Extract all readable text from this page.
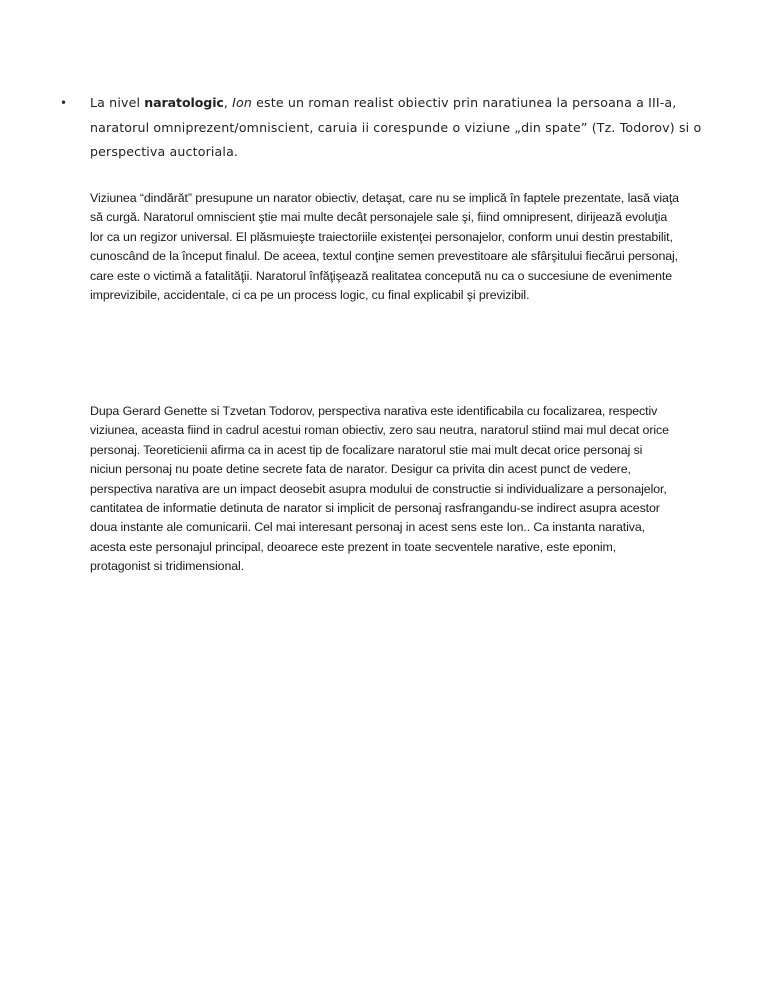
• La nivel naratologic, Ion este un roman realist obiectiv prin naratiunea la persoana a III-a, naratorul omniprezent/omniscient, caruia ii corespunde o viziune „din spate” (Tz. Todorov) si o perspectiva auctoriala.

Viziunea “dindărăt” presupune un narator obiectiv, detaşat, care nu se implică în faptele prezentate, lasă viaţa să curgă. Naratorul omniscient ştie mai multe decât personajele sale şi, fiind omnipresent, dirijează evoluţia lor ca un regizor universal. El plăsmuieşte traiectoriile existenţei personajelor, conform unui destin prestabilit, cunoscând de la început finalul. De aceea, textul conţine semen prevestitoare ale sfârşitului fiecărui personaj, care este o victimă a fatalităţii. Naratorul înfăţişează realitatea concepută nu ca o succesiune de evenimente imprevizibile, accidentale, ci ca pe un process logic, cu final explicabil şi previzibil.

Dupa Gerard Genette si Tzvetan Todorov, perspectiva narativa este identificabila cu focalizarea, respectiv viziunea, aceasta fiind in cadrul acestui roman obiectiv, zero sau neutra, naratorul stiind mai mul decat orice personaj. Teoreticienii afirma ca in acest tip de focalizare naratorul stie mai mult decat orice personaj si niciun personaj nu poate detine secrete fata de narator. Desigur ca privita din acest punct de vedere, perspectiva narativa are un impact deosebit asupra modului de constructie si individualizare a personajelor, cantitatea de informatie detinuta de narator si implicit de personaj rasfrangandu-se indirect asupra acestor doua instante ale comunicarii. Cel mai interesant personaj in acest sens este Ion.. Ca instanta narativa, acesta este personajul principal, deoarece este prezent in toate secventele narative, este eponim, protagonist si tridimensional.
